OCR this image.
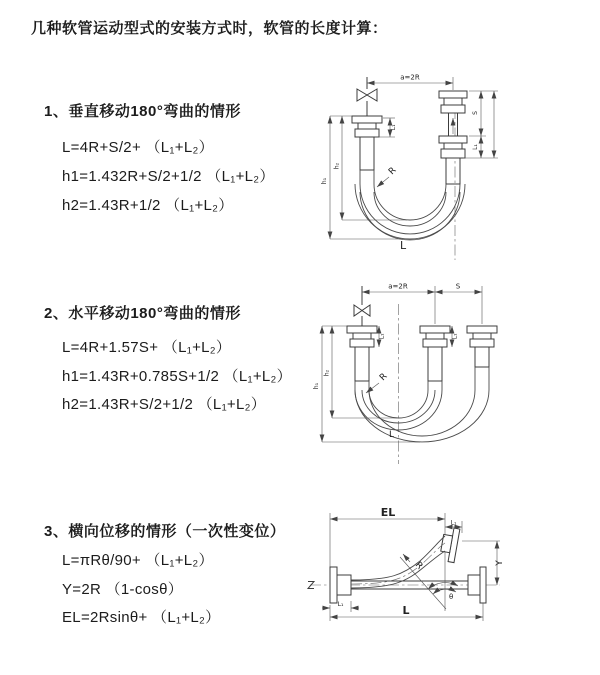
几种软管运动型式的安装方式时，软管的长度计算：
1、垂直移动180°弯曲的情形
L=4R+S/2+ （L₁+L₂）
h1=1.432R+S/2+1/2 （L₁+L₂）
h2=1.43R+1/2 （L₁+L₂）
2、水平移动180°弯曲的情形
L=4R+1.57S+ （L₁+L₂）
h1=1.43R+0.785S+1/2 （L₁+L₂）
h2=1.43R+S/2+1/2 （L₁+L₂）
3、横向位移的情形（一次性变位）
L=πRθ/90+ （L₁+L₂）
Y=2R （1-cosθ）
EL=2Rsinθ+ （L₁+L₂）
a=2R
L₁
h₂
h₁
S
L₁
R
L
a=2R	S
L₁	L₁
h₂
h₁
R
L
EL
L₁
R
θ
Y
L₁	L
